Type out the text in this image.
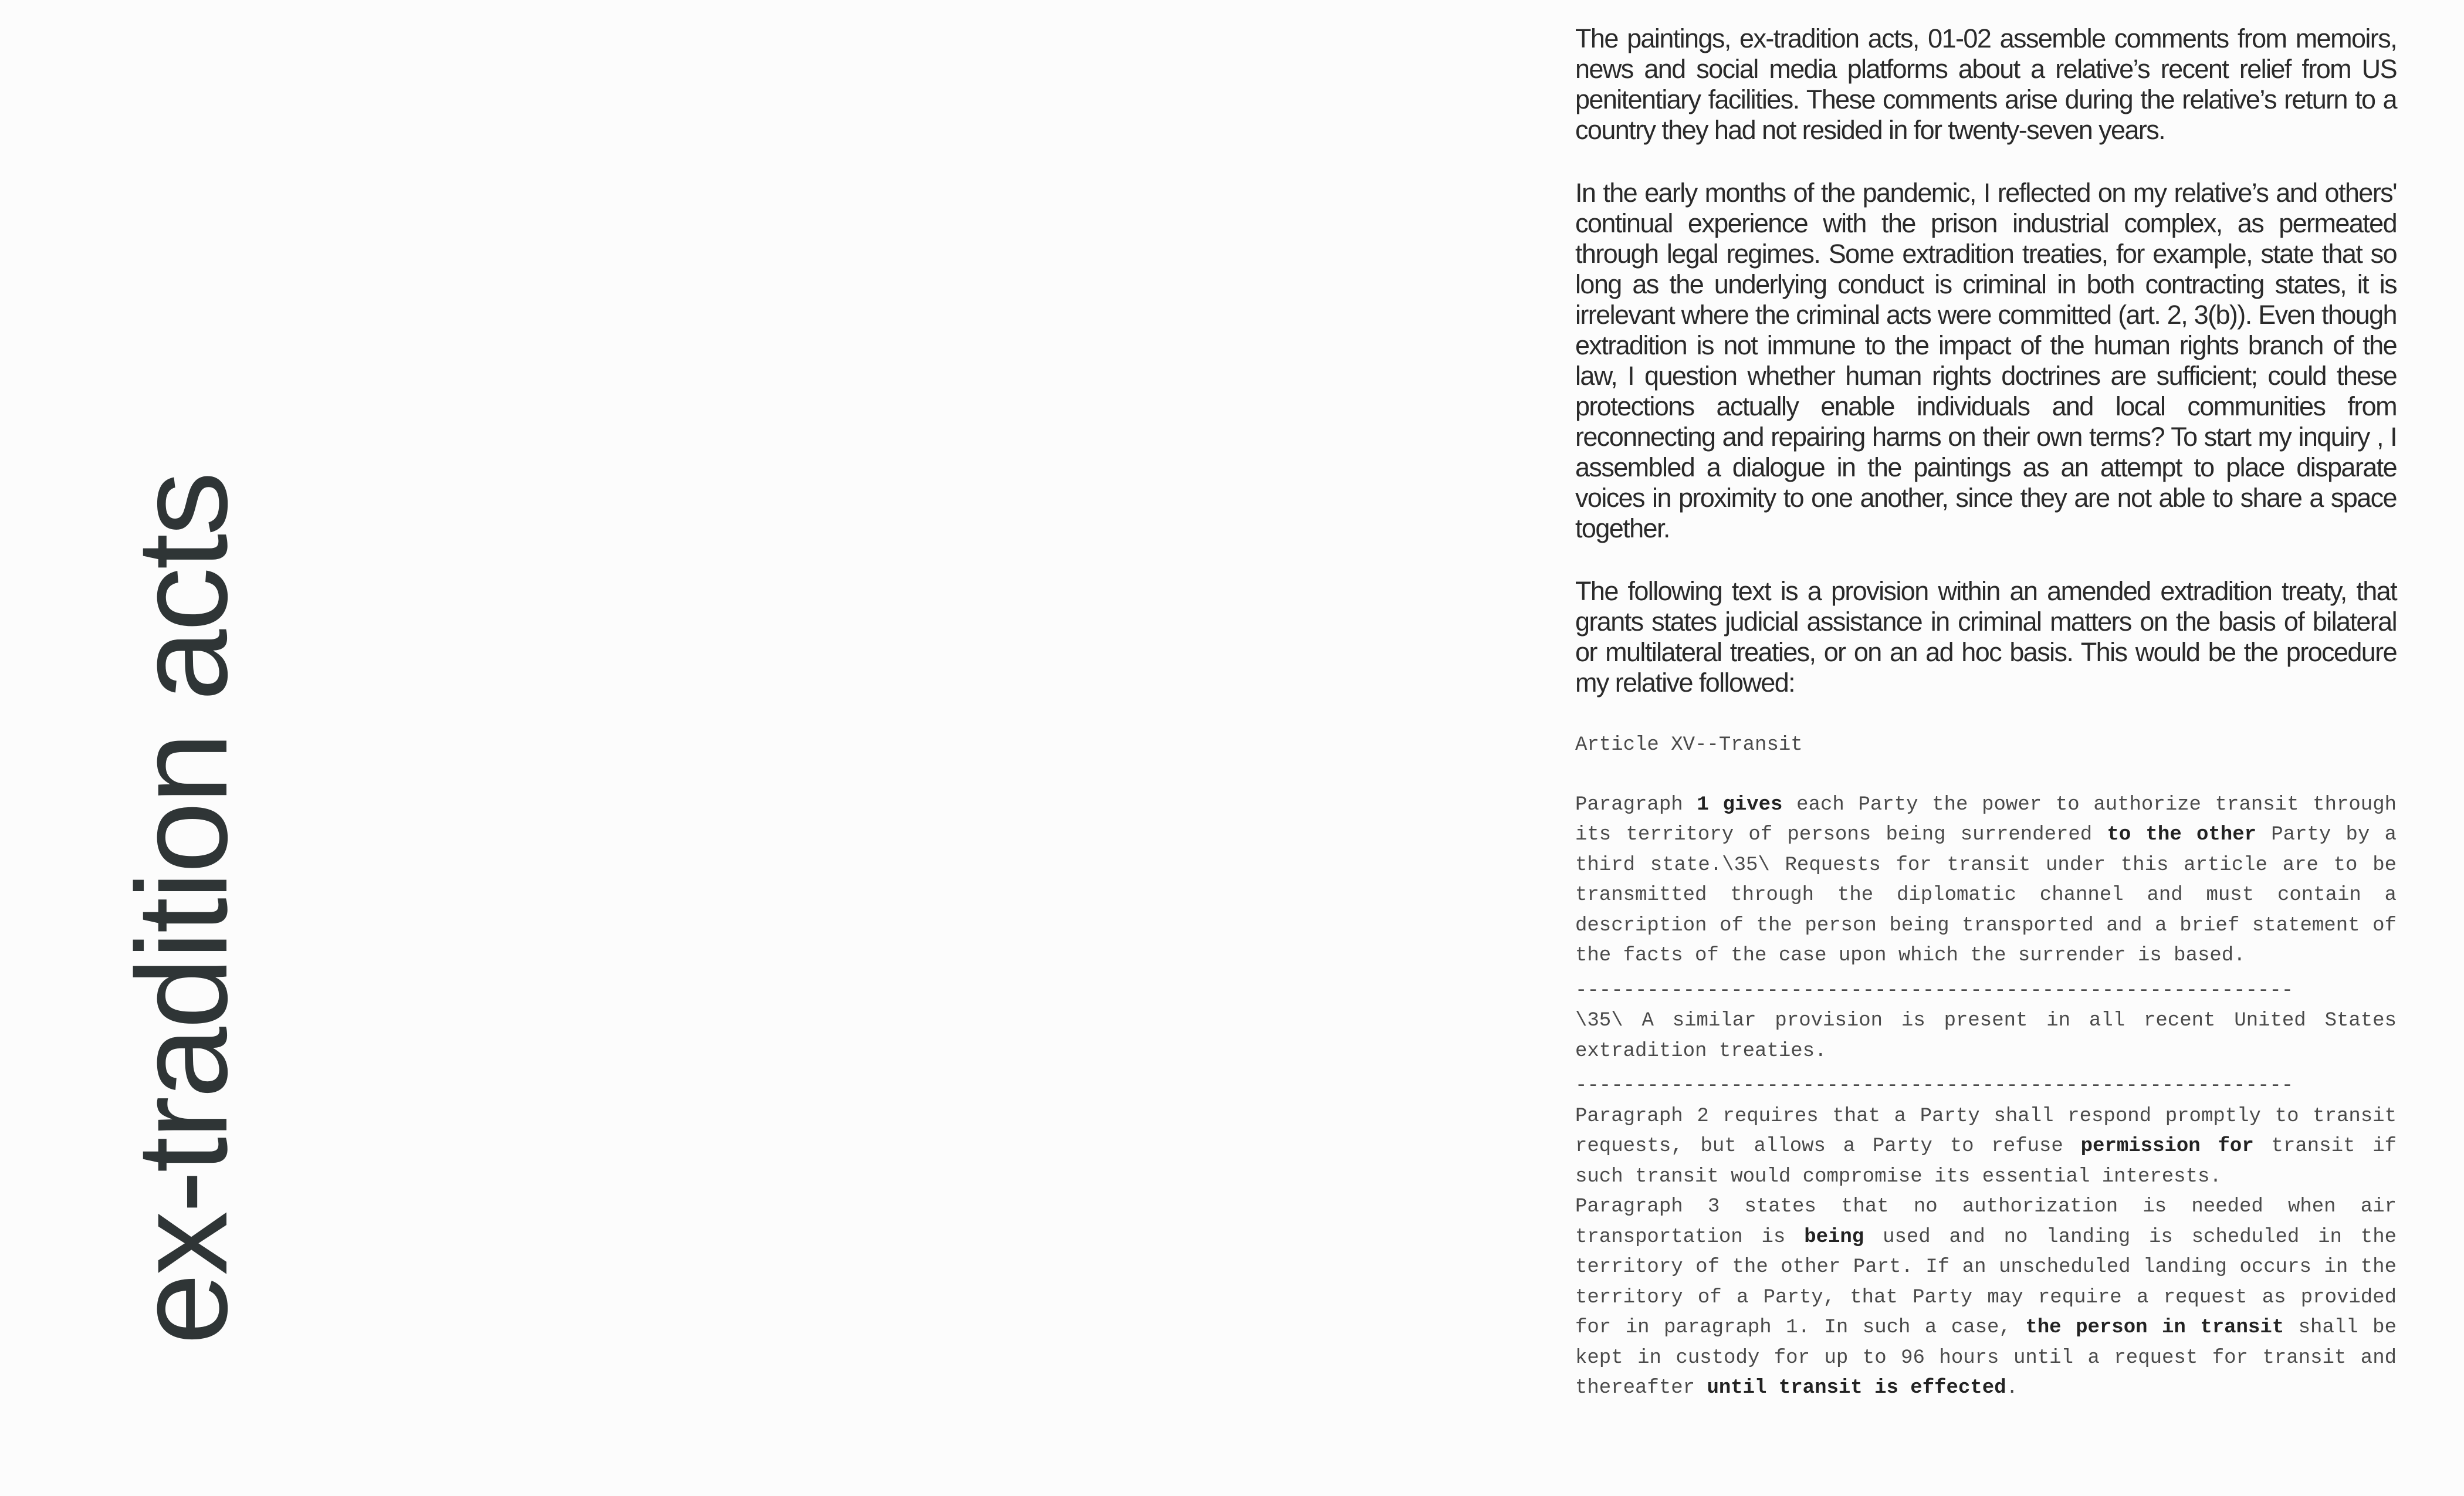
ex-tradition acts

The paintings, ex-tradition acts, 01-02 assemble comments from memoirs, news and social media platforms about a relative’s recent relief from US penitentiary facilities. These comments arise during the relative’s return to a country they had not resided in for twenty-seven years.

In the early months of the pandemic, I reflected on my relative’s and others' continual experience with the prison industrial complex, as permeated through legal regimes. Some extradition treaties, for example, state that so long as the underlying conduct is criminal in both contracting states, it is irrelevant where the criminal acts were committed (art. 2, 3(b)). Even though extradition is not immune to the impact of the human rights branch of the law, I question whether human rights doctrines are sufficient; could these protections actually enable individuals and local communities from reconnecting and repairing harms on their own terms? To start my inquiry , I assembled a dialogue in the paintings as an attempt to place disparate voices in proximity to one another, since they are not able to share a space together.

The following text is a provision within an amended extradition treaty, that grants states judicial assistance in criminal matters on the basis of bilateral or multilateral treaties, or on an ad hoc basis. This would be the procedure my relative followed:

Article XV--Transit

Paragraph 1 gives each Party the power to authorize transit through its territory of persons being surrendered to the other Party by a third state.\35\ Requests for transit under this article are to be transmitted through the diplomatic channel and must contain a description of the person being transported and a brief statement of the facts of the case upon which the surrender is based.

------------------------------------------------------------

\35\ A similar provision is present in all recent United States extradition treaties.

------------------------------------------------------------

Paragraph 2 requires that a Party shall respond promptly to transit requests, but allows a Party to refuse permission for transit if such transit would compromise its essential interests.

Paragraph 3 states that no authorization is needed when air transportation is being used and no landing is scheduled in the territory of the other Part. If an unscheduled landing occurs in the territory of a Party, that Party may require a request as provided for in paragraph 1. In such a case, the person in transit shall be kept in custody for up to 96 hours until a request for transit and thereafter until transit is effected.
